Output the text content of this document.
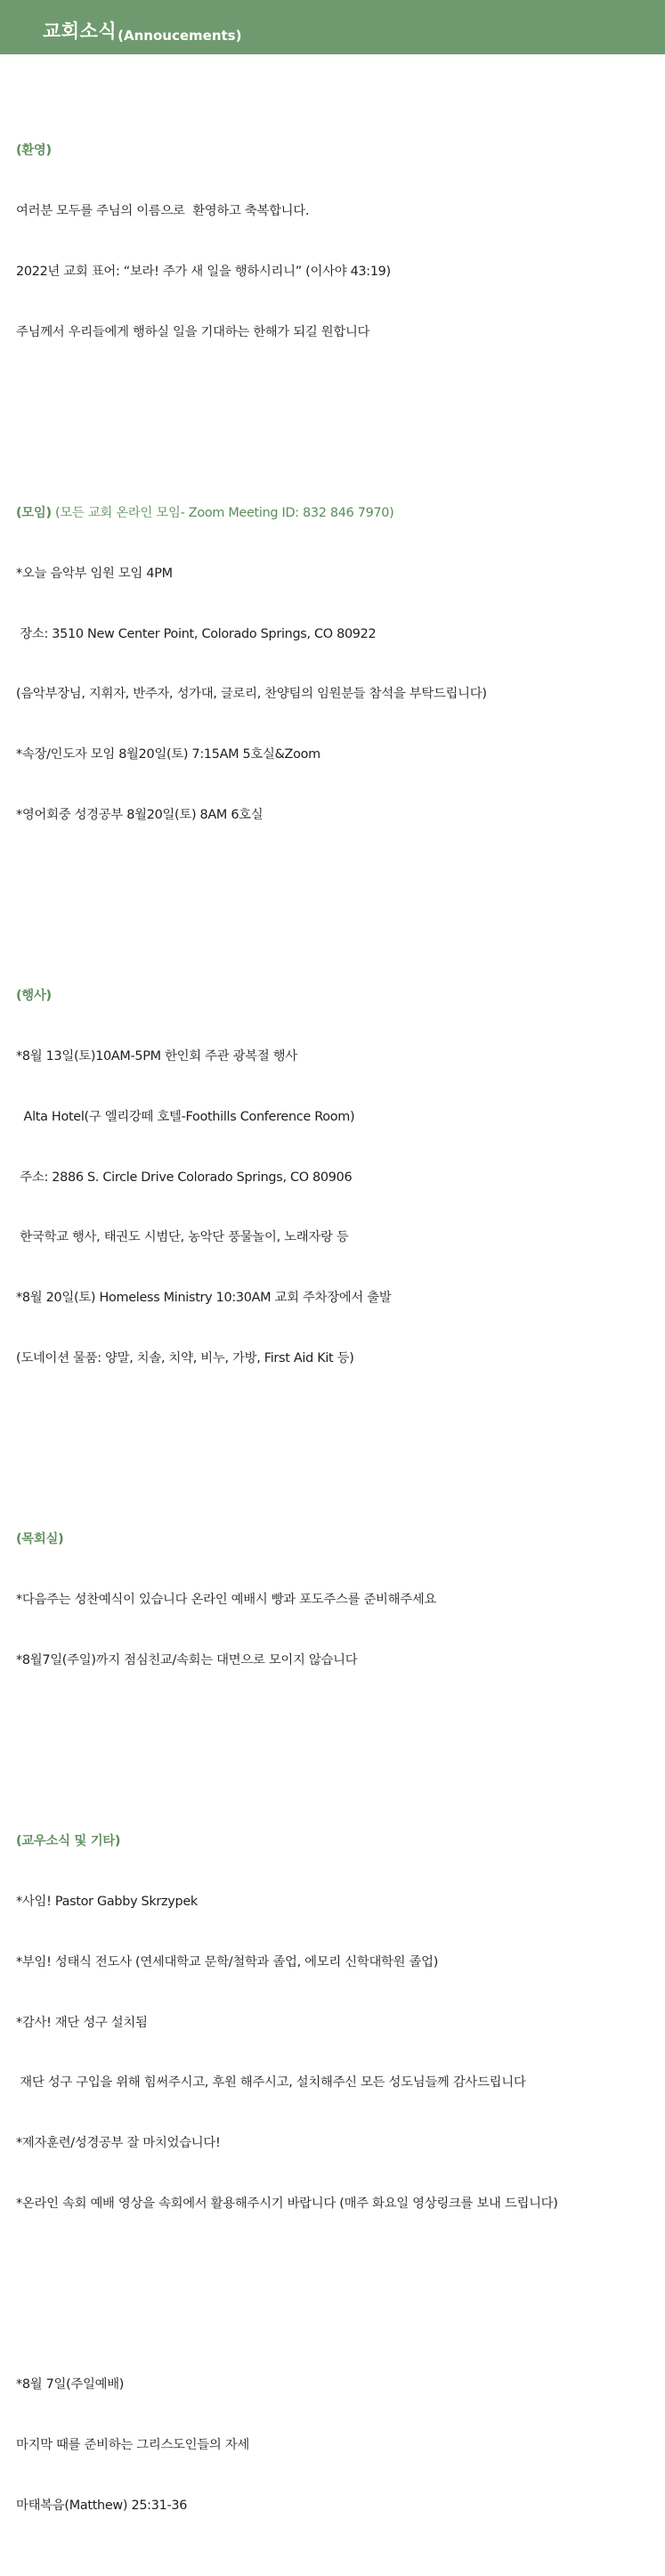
교회소식 (Annoucements)

(환영)

여러분 모두를 주님의 이름으로  환영하고 축복합니다.

2022년 교회 표어: “보라! 주가 새 일을 행하시리니” (이사야 43:19)

주님께서 우리들에게 행하실 일을 기대하는 한해가 되길 원합니다

(모임) (모든 교회 온라인 모임- Zoom Meeting ID: 832 846 7970)

*오늘 음악부 임원 모임 4PM

장소: 3510 New Center Point, Colorado Springs, CO 80922

(음악부장님, 지휘자, 반주자, 성가대, 글로리, 찬양팀의 임원분들 참석을 부탁드립니다)

*속장/인도자 모임 8월20일(토) 7:15AM 5호실&Zoom

*영어회중 성경공부 8월20일(토) 8AM 6호실

(행사)

*8월 13일(토)10AM-5PM 한인회 주관 광복절 행사

Alta Hotel(구 엘리강떼 호텔-Foothills Conference Room)

주소: 2886 S. Circle Drive Colorado Springs, CO 80906

한국학교 행사, 태권도 시범단, 농악단 풍물놀이, 노래자랑 등

*8월 20일(토) Homeless Ministry 10:30AM 교회 주차장에서 출발

(도네이션 물품: 양말, 치솔, 치약, 비누, 가방, First Aid Kit 등)

(목회실)

*다음주는 성찬예식이 있습니다 온라인 예배시 빵과 포도주스를 준비해주세요

*8월7일(주일)까지 점심친교/속회는 대면으로 모이지 않습니다

(교우소식 및 기타)

*사임! Pastor Gabby Skrzypek

*부임! 성태식 전도사 (연세대학교 문학/철학과 졸업, 에모리 신학대학원 졸업)

*감사! 재단 성구 설치됨

재단 성구 구입을 위해 힘써주시고, 후원 해주시고, 설치해주신 모든 성도님들께 감사드립니다

*제자훈련/성경공부 잘 마치었습니다!

*온라인 속회 예배 영상을 속회에서 활용해주시기 바랍니다 (매주 화요일 영상링크를 보내 드립니다)

*8월 7일(주일예배)

마지막 때를 준비하는 그리스도인들의 자세

마태복음(Matthew) 25:31-36
